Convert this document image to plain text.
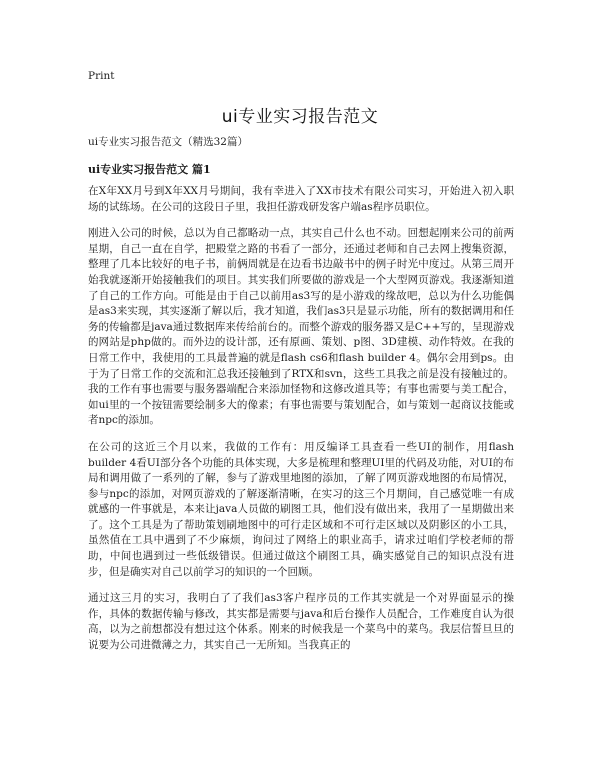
Print
ui专业实习报告范文
ui专业实习报告范文（精选32篇）
ui专业实习报告范文 篇1

在X年XX月号到X年XX月号期间，我有幸进入了XX市技术有限公司实习，开始进入初入职场的试练场。在公司的这段日子里，我担任游戏研发客户端as程序员职位。

刚进入公司的时候，总以为自己都略动一点，其实自己什么也不动。回想起刚来公司的前两星期，自己一直在自学，把殿堂之路的书看了一部分，还通过老师和自己去网上搜集资源，整理了几本比较好的电子书，前俩周就是在边看书边敲书中的例子时光中度过。从第三周开始我就逐渐开始接触我们的项目。其实我们所要做的游戏是一个大型网页游戏。我逐渐知道了自己的工作方向。可能是由于自己以前用as3写的是小游戏的缘故吧，总以为什么功能偶是as3来实现，其实逐渐了解以后，我才知道，我们as3只是显示功能，所有的数据调用和任务的传输都是java通过数据库来传给前台的。而整个游戏的服务器又是C++写的，呈现游戏的网站是php做的。而外边的设计部，还有原画、策划、p图、3D建模、动作特效。在我的日常工作中，我使用的工具最普遍的就是flash cs6和flash builder 4。偶尔会用到ps。由于为了日常工作的交流和汇总我还接触到了RTX和svn，这些工具我之前是没有接触过的。我的工作有事也需要与服务器端配合来添加怪物和这修改道具等；有事也需要与美工配合，如ui里的一个按钮需要绘制多大的像素；有事也需要与策划配合，如与策划一起商议技能或者npc的添加。

在公司的这近三个月以来，我做的工作有：用反编译工具查看一些UI的制作，用flash builder 4看UI部分各个功能的具体实现，大多是梳理和整理UI里的代码及功能，对UI的布局和调用做了一系列的了解，参与了游戏里地图的添加，了解了网页游戏地图的布局情况，参与npc的添加，对网页游戏的了解逐渐清晰，在实习的这三个月期间，自己感觉唯一有成就感的一件事就是，本来让java人员做的刷图工具，他们没有做出来，我用了一星期做出来了。这个工具是为了帮助策划刷地图中的可行走区域和不可行走区域以及阴影区的小工具，虽然值在工具中遇到了不少麻烦，询问过了网络上的职业高手，请求过咱们学校老师的帮助，中间也遇到过一些低级错误。但通过做这个刷图工具，确实感觉自己的知识点没有进步，但是确实对自己以前学习的知识的一个回顾。

通过这三月的实习，我明白了了我们as3客户程序员的工作其实就是一个对界面显示的操作，具体的数据传输与修改，其实都是需要与java和后台操作人员配合，工作难度自认为很高，以为之前想都没有想过这个体系。刚来的时候我是一个菜鸟中的菜鸟。我层信誓旦旦的说要为公司进微薄之力，其实自己一无所知。当我真正的
